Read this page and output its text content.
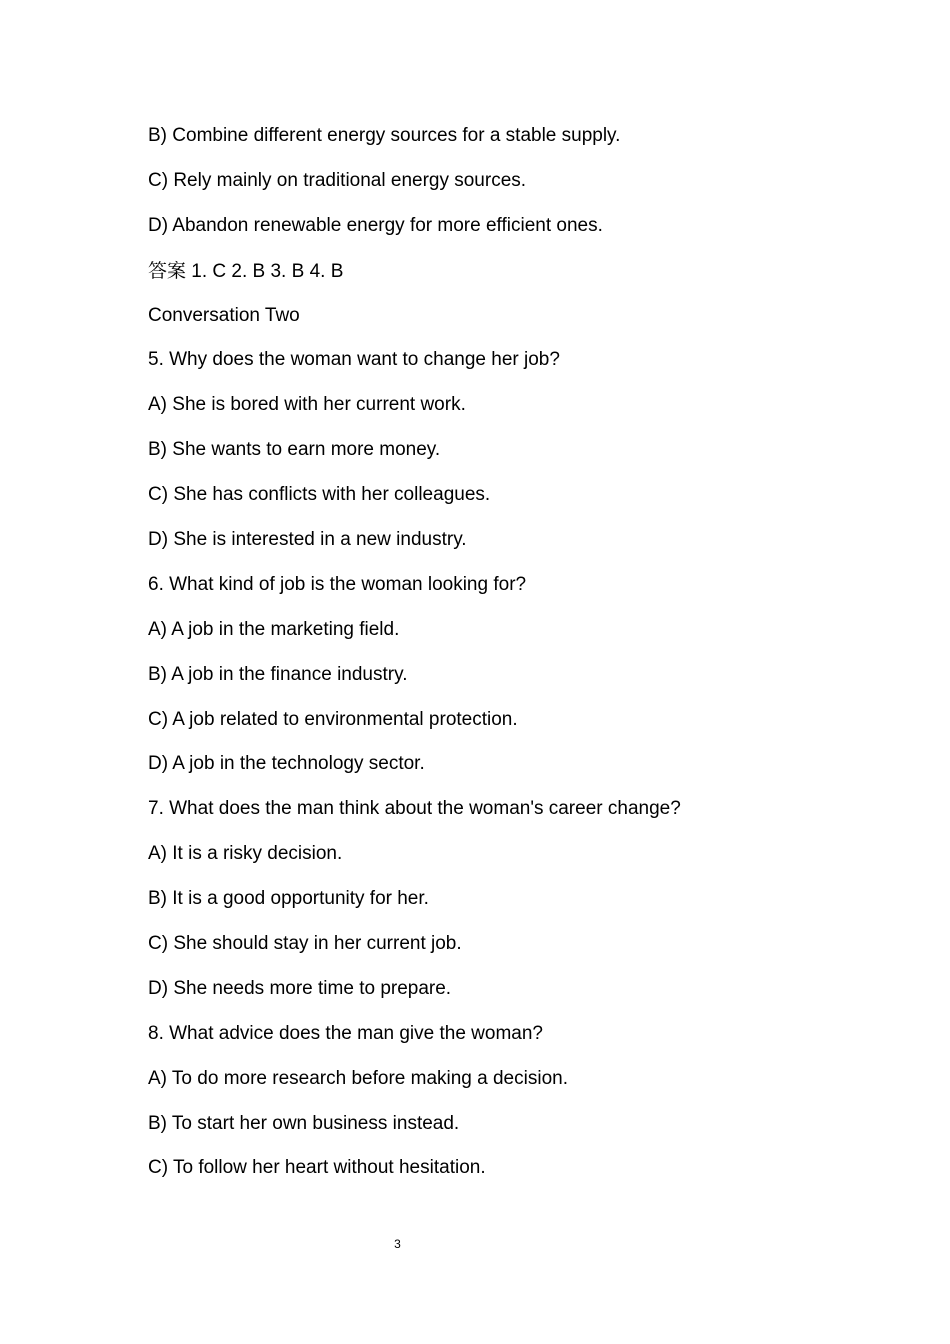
B) Combine different energy sources for a stable supply.
C) Rely mainly on traditional energy sources.
D) Abandon renewable energy for more efficient ones.
答案 1. C 2. B 3. B 4. B
Conversation Two
5. Why does the woman want to change her job?
A) She is bored with her current work.
B) She wants to earn more money.
C) She has conflicts with her colleagues.
D) She is interested in a new industry.
6. What kind of job is the woman looking for?
A) A job in the marketing field.
B) A job in the finance industry.
C) A job related to environmental protection.
D) A job in the technology sector.
7. What does the man think about the woman's career change?
A) It is a risky decision.
B) It is a good opportunity for her.
C) She should stay in her current job.
D) She needs more time to prepare.
8. What advice does the man give the woman?
A) To do more research before making a decision.
B) To start her own business instead.
C) To follow her heart without hesitation.
3
